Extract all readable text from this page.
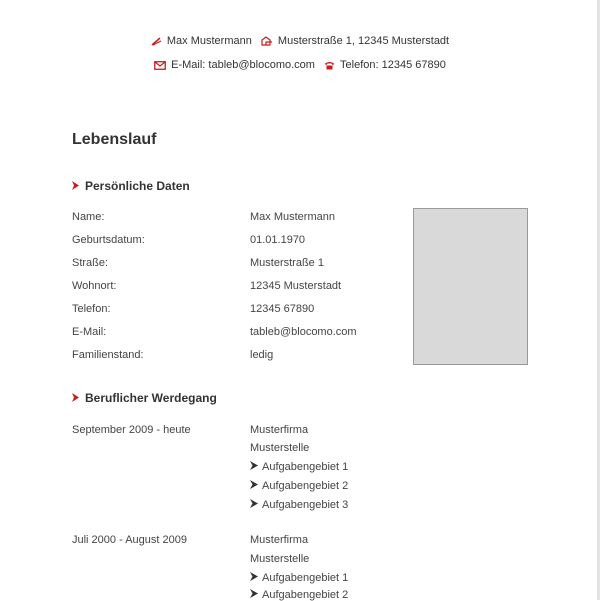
Max Mustermann Musterstraße 1, 12345 Musterstadt
E-Mail: tableb@blocomo.com Telefon: 12345 67890
Lebenslauf
Persönliche Daten
Name:	Max Mustermann
Geburtsdatum:	01.01.1970
Straße:	Musterstraße 1
Wohnort:	12345 Musterstadt
Telefon:	12345 67890
E-Mail:	tableb@blocomo.com
Familienstand:	ledig
Beruflicher Werdegang
September 2009 - heute	Musterfirma
Musterstelle
Aufgabengebiet 1
Aufgabengebiet 2
Aufgabengebiet 3
Juli 2000 - August 2009	Musterfirma
Musterstelle
Aufgabengebiet 1
Aufgabengebiet 2
